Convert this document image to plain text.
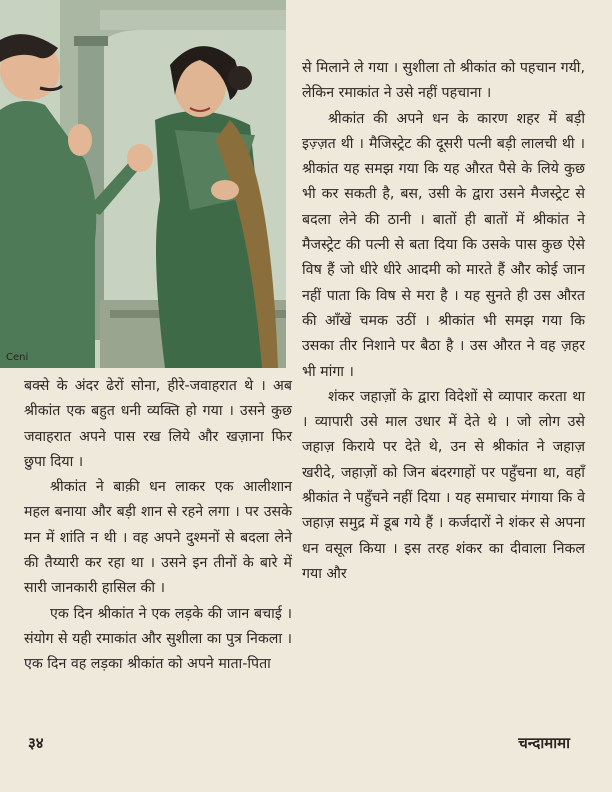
Ceni

से मिलाने ले गया । सुशीला तो श्रीकांत को पहचान गयी, लेकिन रमाकांत ने उसे नहीं पहचाना ।

श्रीकांत की अपने धन के कारण शहर में बड़ी इज़्ज़त थी । मैजिस्ट्रेट की दूसरी पत्नी बड़ी लालची थी । श्रीकांत यह समझ गया कि यह औरत पैसे के लिये कुछ भी कर सकती है, बस, उसी के द्वारा उसने मैजस्ट्रेट से बदला लेने की ठानी । बातों ही बातों में श्रीकांत ने मैजस्ट्रेट की पत्नी से बता दिया कि उसके पास कुछ ऐसे विष हैं जो धीरे धीरे आदमी को मारते हैं और कोई जान नहीं पाता कि विष से मरा है । यह सुनते ही उस औरत की आँखें चमक उठीं । श्रीकांत भी समझ गया कि उसका तीर निशाने पर बैठा है । उस औरत ने वह ज़हर भी मांगा ।

शंकर जहाज़ों के द्वारा विदेशों से व्यापार करता था । व्यापारी उसे माल उधार में देते थे । जो लोग उसे जहाज़ किराये पर देते थे, उन से श्रीकांत ने जहाज़ खरीदे, जहाज़ों को जिन बंदरगाहों पर पहुँचना था, वहाँ श्रीकांत ने पहुँचने नहीं दिया । यह समाचार मंगाया कि वे जहाज़ समुद्र में डूब गये हैं । कर्जदारों ने शंकर से अपना धन वसूल किया । इस तरह शंकर का दीवाला निकल गया और

बक्से के अंदर ढेरों सोना, हीरे-जवाहरात थे । अब श्रीकांत एक बहुत धनी व्यक्ति हो गया । उसने कुछ जवाहरात अपने पास रख लिये और खज़ाना फिर छुपा दिया ।

श्रीकांत ने बाक़ी धन लाकर एक आलीशान महल बनाया और बड़ी शान से रहने लगा । पर उसके मन में शांति न थी । वह अपने दुश्मनों से बदला लेने की तैय्यारी कर रहा था । उसने इन तीनों के बारे में सारी जानकारी हासिल की ।

एक दिन श्रीकांत ने एक लड़के की जान बचाई । संयोग से यही रमाकांत और सुशीला का पुत्र निकला । एक दिन वह लड़का श्रीकांत को अपने माता-पिता

३४	चन्दामामा
